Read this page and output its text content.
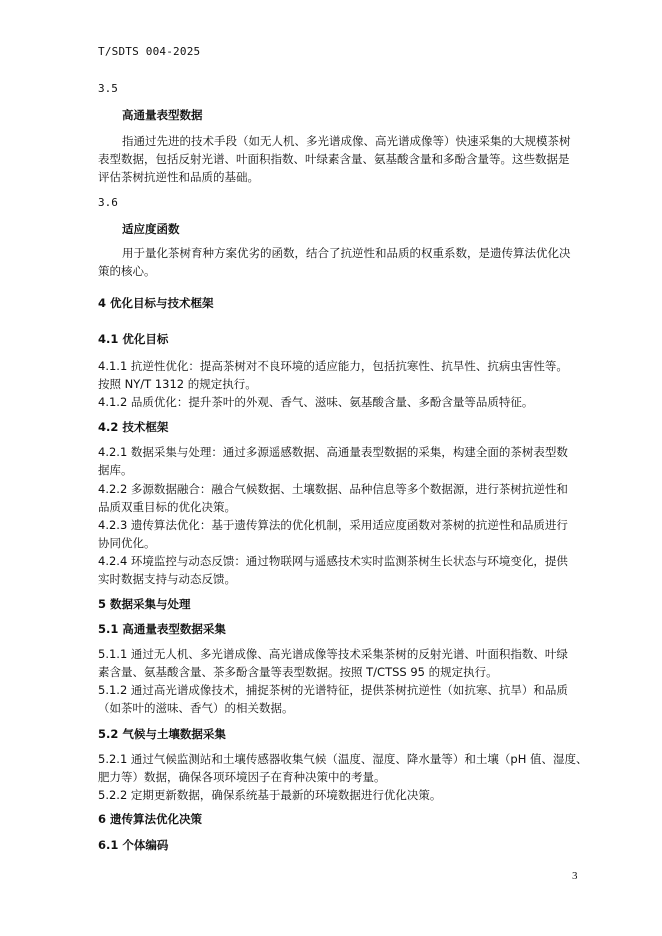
T/SDTS 004-2025
3.5
高通量表型数据
指通过先进的技术手段（如无人机、多光谱成像、高光谱成像等）快速采集的大规模茶树
表型数据，包括反射光谱、叶面积指数、叶绿素含量、氨基酸含量和多酚含量等。这些数据是
评估茶树抗逆性和品质的基础。
3.6
适应度函数
用于量化茶树育种方案优劣的函数，结合了抗逆性和品质的权重系数，是遗传算法优化决
策的核心。
4 优化目标与技术框架
4.1 优化目标
4.1.1 抗逆性优化：提高茶树对不良环境的适应能力，包括抗寒性、抗旱性、抗病虫害性等。
按照 NY/T 1312 的规定执行。
4.1.2 品质优化：提升茶叶的外观、香气、滋味、氨基酸含量、多酚含量等品质特征。
4.2 技术框架
4.2.1 数据采集与处理：通过多源遥感数据、高通量表型数据的采集，构建全面的茶树表型数
据库。
4.2.2 多源数据融合：融合气候数据、土壤数据、品种信息等多个数据源，进行茶树抗逆性和
品质双重目标的优化决策。
4.2.3 遗传算法优化：基于遗传算法的优化机制，采用适应度函数对茶树的抗逆性和品质进行
协同优化。
4.2.4 环境监控与动态反馈：通过物联网与遥感技术实时监测茶树生长状态与环境变化，提供
实时数据支持与动态反馈。
5 数据采集与处理
5.1 高通量表型数据采集
5.1.1 通过无人机、多光谱成像、高光谱成像等技术采集茶树的反射光谱、叶面积指数、叶绿
素含量、氨基酸含量、茶多酚含量等表型数据。按照 T/CTSS 95 的规定执行。
5.1.2 通过高光谱成像技术，捕捉茶树的光谱特征，提供茶树抗逆性（如抗寒、抗旱）和品质
（如茶叶的滋味、香气）的相关数据。
5.2 气候与土壤数据采集
5.2.1 通过气候监测站和土壤传感器收集气候（温度、湿度、降水量等）和土壤（pH 值、湿度、
肥力等）数据，确保各项环境因子在育种决策中的考量。
5.2.2 定期更新数据，确保系统基于最新的环境数据进行优化决策。
6 遗传算法优化决策
6.1 个体编码
3
